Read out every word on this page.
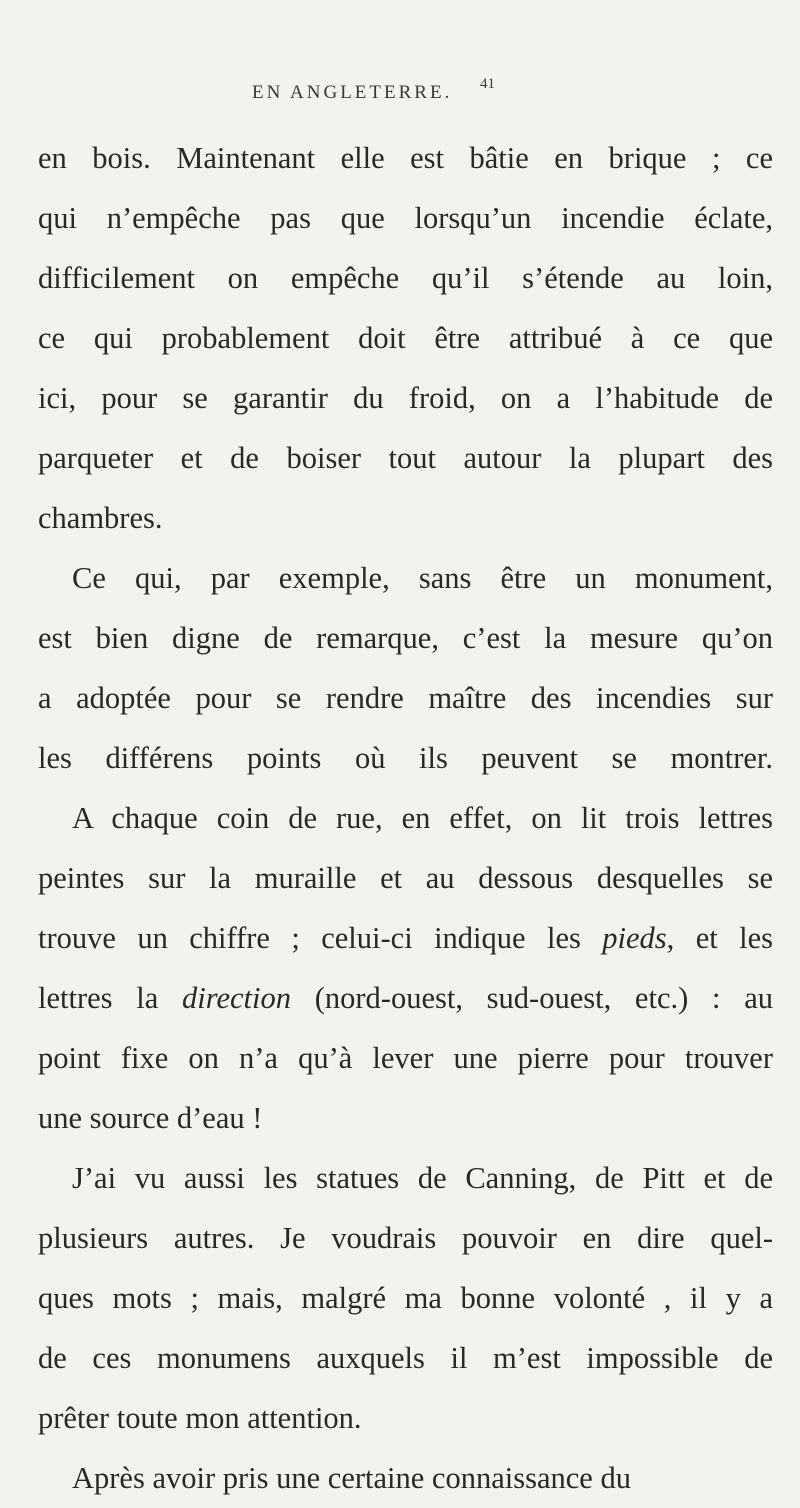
EN ANGLETERRE. 41
en bois. Maintenant elle est bâtie en brique ; ce
qui n’empêche pas que lorsqu’un incendie éclate,
difficilement on empêche qu’il s’étende au loin,
ce qui probablement doit être attribué à ce que
ici, pour se garantir du froid, on a l’habitude de
parqueter et de boiser tout autour la plupart des
chambres.
Ce qui, par exemple, sans être un monument,
est bien digne de remarque, c’est la mesure qu’on
a adoptée pour se rendre maître des incendies sur
les différens points où ils peuvent se montrer.
A chaque coin de rue, en effet, on lit trois lettres
peintes sur la muraille et au dessous desquelles se
trouve un chiffre ; celui-ci indique les pieds, et les
lettres la direction (nord-ouest, sud-ouest, etc.) : au
point fixe on n’a qu’à lever une pierre pour trouver
une source d’eau !
J’ai vu aussi les statues de Canning, de Pitt et de
plusieurs autres. Je voudrais pouvoir en dire quel-
ques mots ; mais, malgré ma bonne volonté , il y a
de ces monumens auxquels il m’est impossible de
prêter toute mon attention.
Après avoir pris une certaine connaissance du
